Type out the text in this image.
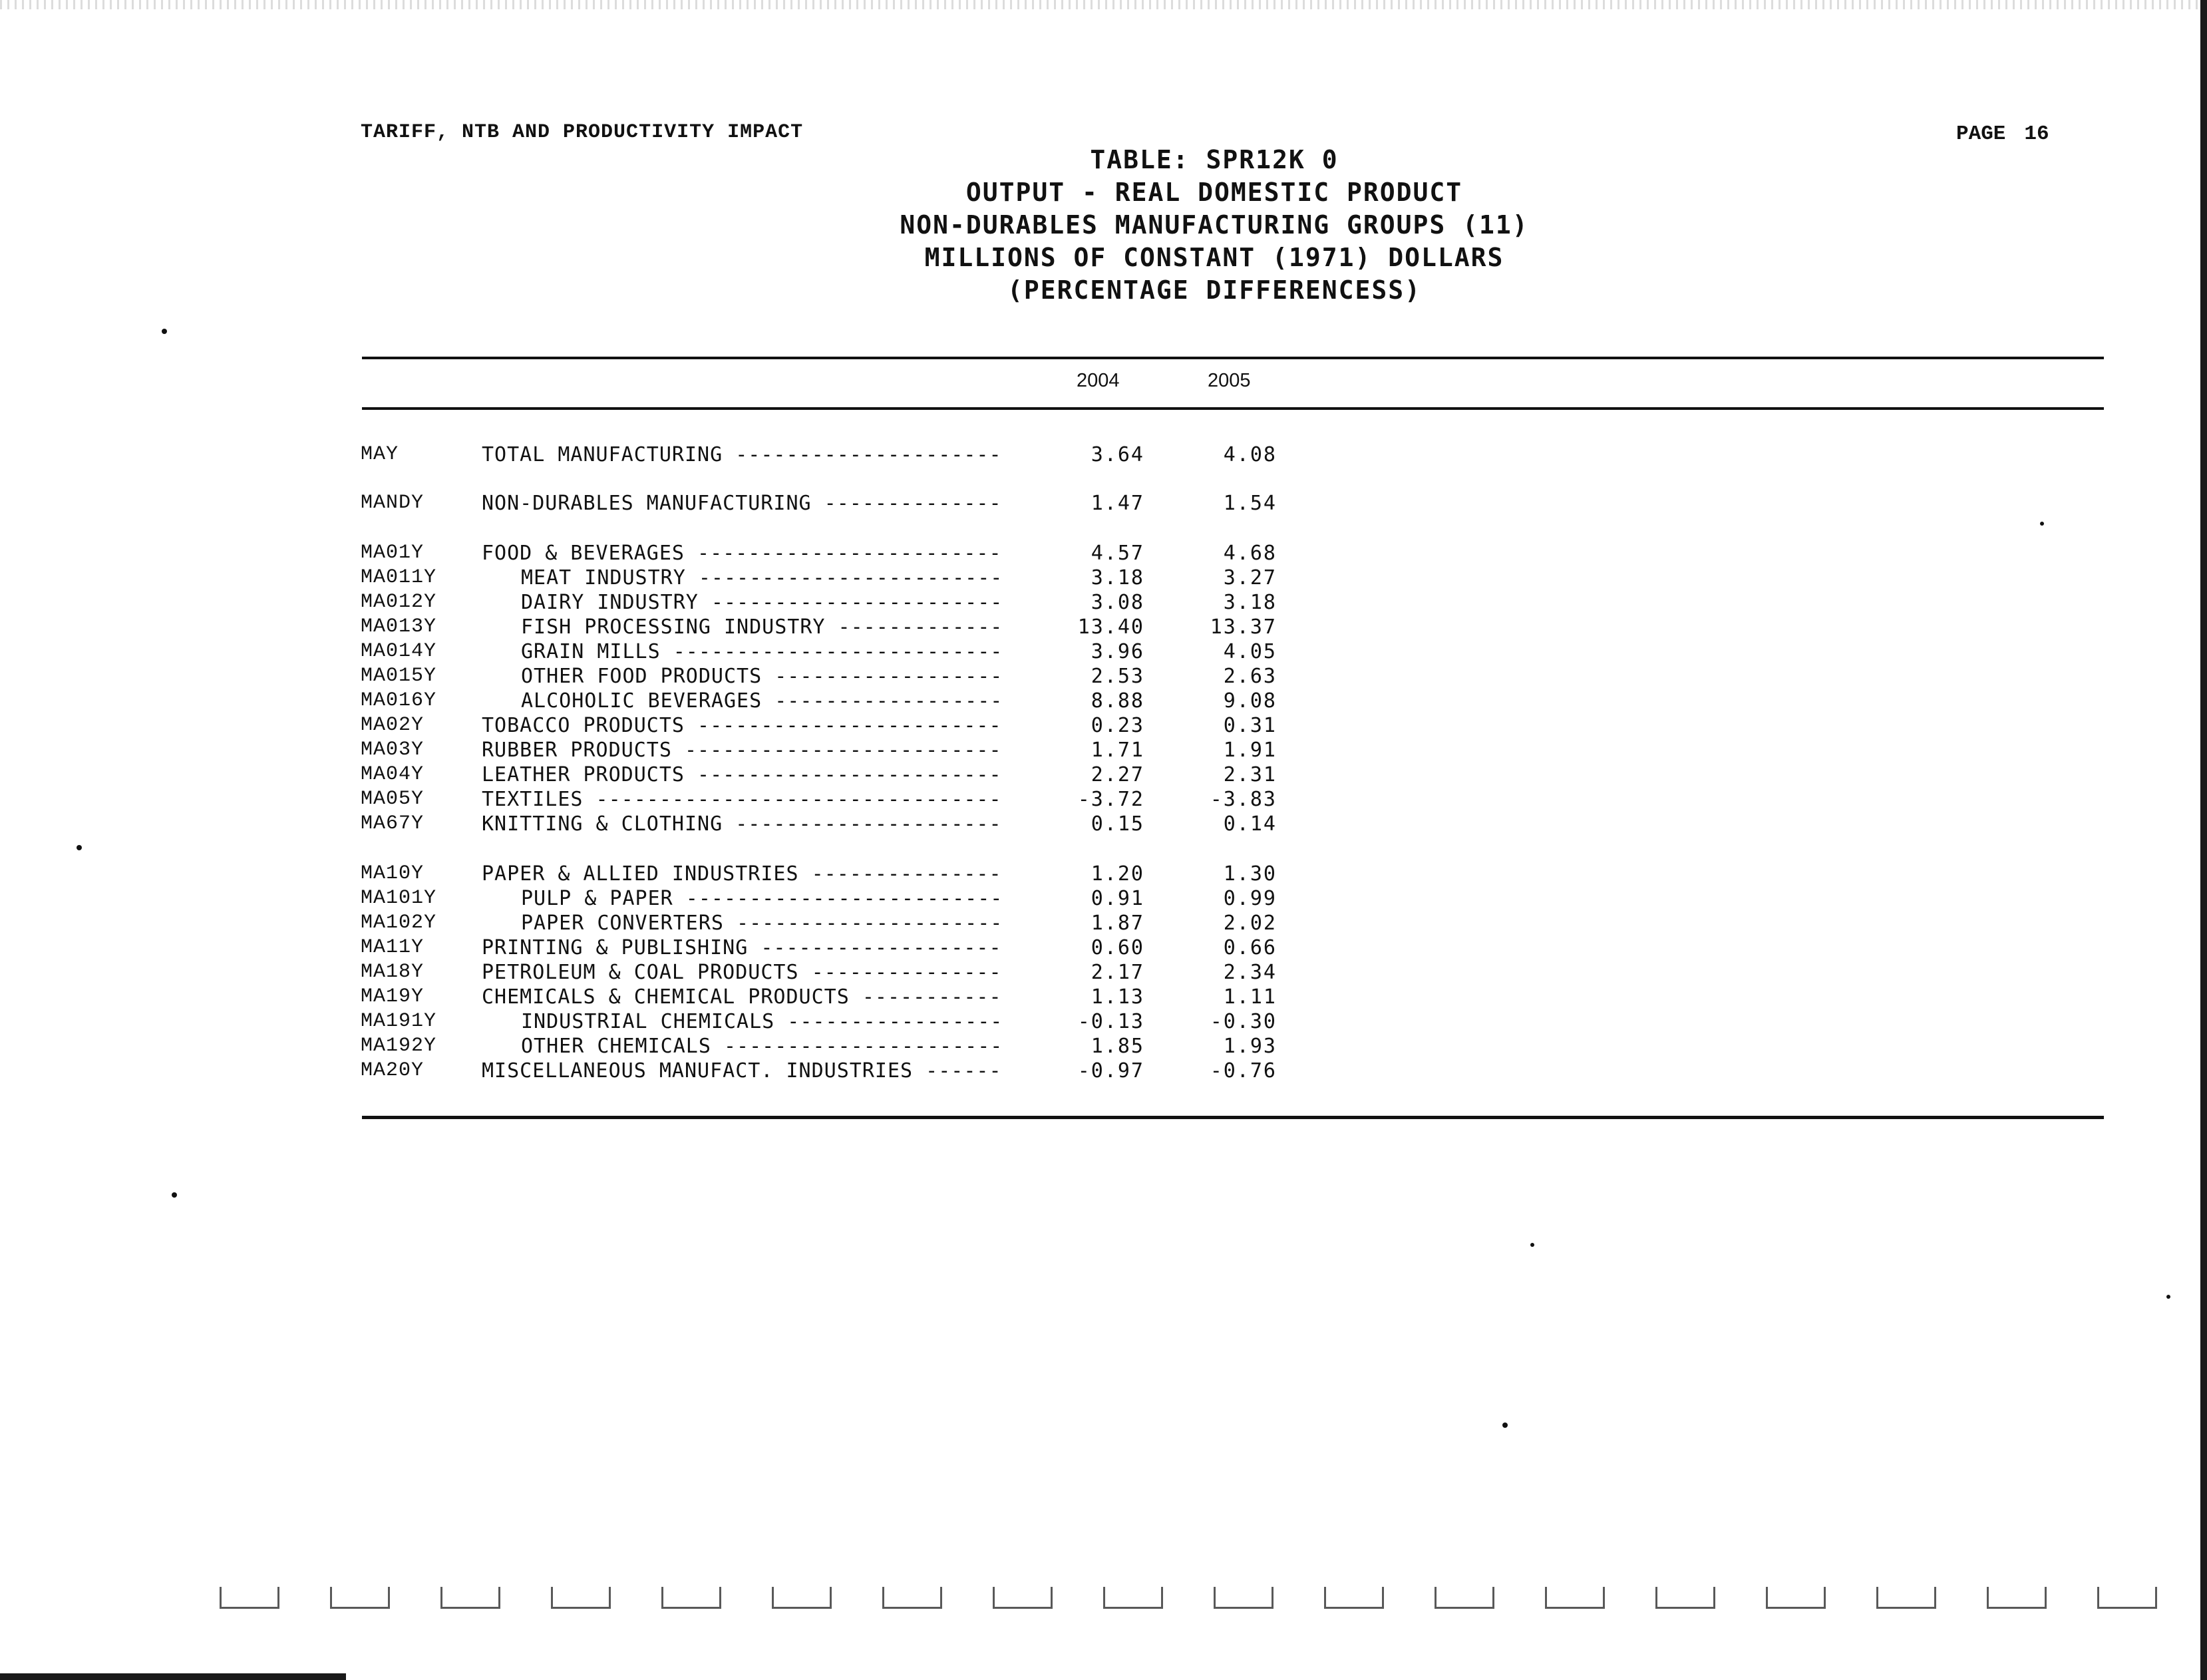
TARIFF, NTB AND PRODUCTIVITY IMPACT	PAGE 16
TABLE: SPR12K 0
OUTPUT - REAL DOMESTIC PRODUCT
NON-DURABLES MANUFACTURING GROUPS (11)
MILLIONS OF CONSTANT (1971) DOLLARS
(PERCENTAGE DIFFERENCESS)
2004	2005
MAY	TOTAL MANUFACTURING -----	3.64	4.08
MANDY	NON-DURABLES MANUFACTURING -----	1.47	1.54
MA01Y	FOOD & BEVERAGES -----	4.57	4.68
MA011Y	MEAT INDUSTRY -----	3.18	3.27
MA012Y	DAIRY INDUSTRY -----	3.08	3.18
MA013Y	FISH PROCESSING INDUSTRY -----	13.40	13.37
MA014Y	GRAIN MILLS -----	3.96	4.05
MA015Y	OTHER FOOD PRODUCTS -----	2.53	2.63
MA016Y	ALCOHOLIC BEVERAGES -----	8.88	9.08
MA02Y	TOBACCO PRODUCTS -----	0.23	0.31
MA03Y	RUBBER PRODUCTS -----	1.71	1.91
MA04Y	LEATHER PRODUCTS -----	2.27	2.31
MA05Y	TEXTILES -----	-3.72	-3.83
MA67Y	KNITTING & CLOTHING -----	0.15	0.14
MA10Y	PAPER & ALLIED INDUSTRIES -----	1.20	1.30
MA101Y	PULP & PAPER -----	0.91	0.99
MA102Y	PAPER CONVERTERS -----	1.87	2.02
MA11Y	PRINTING & PUBLISHING -----	0.60	0.66
MA18Y	PETROLEUM & COAL PRODUCTS -----	2.17	2.34
MA19Y	CHEMICALS & CHEMICAL PRODUCTS -----	1.13	1.11
MA191Y	INDUSTRIAL CHEMICALS -----	-0.13	-0.30
MA192Y	OTHER CHEMICALS -----	1.85	1.93
MA20Y	MISCELLANEOUS MANUFACT. INDUSTRIES -----	-0.97	-0.76
